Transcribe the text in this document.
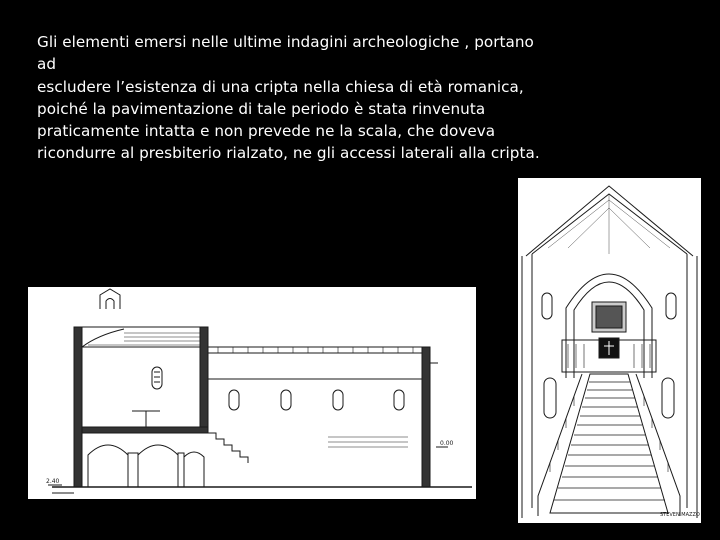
Gli elementi emersi nelle ultime indagini archeologiche , portano ad
escludere l’esistenza di una cripta nella chiesa di età romanica,
poiché la pavimentazione di tale periodo è stata rinvenuta
praticamente intatta e non prevede ne la scala, che doveva
ricondurre al presbiterio rialzato, ne gli accessi laterali alla cripta.
0.00
2.40
STEVEN MAZZO
